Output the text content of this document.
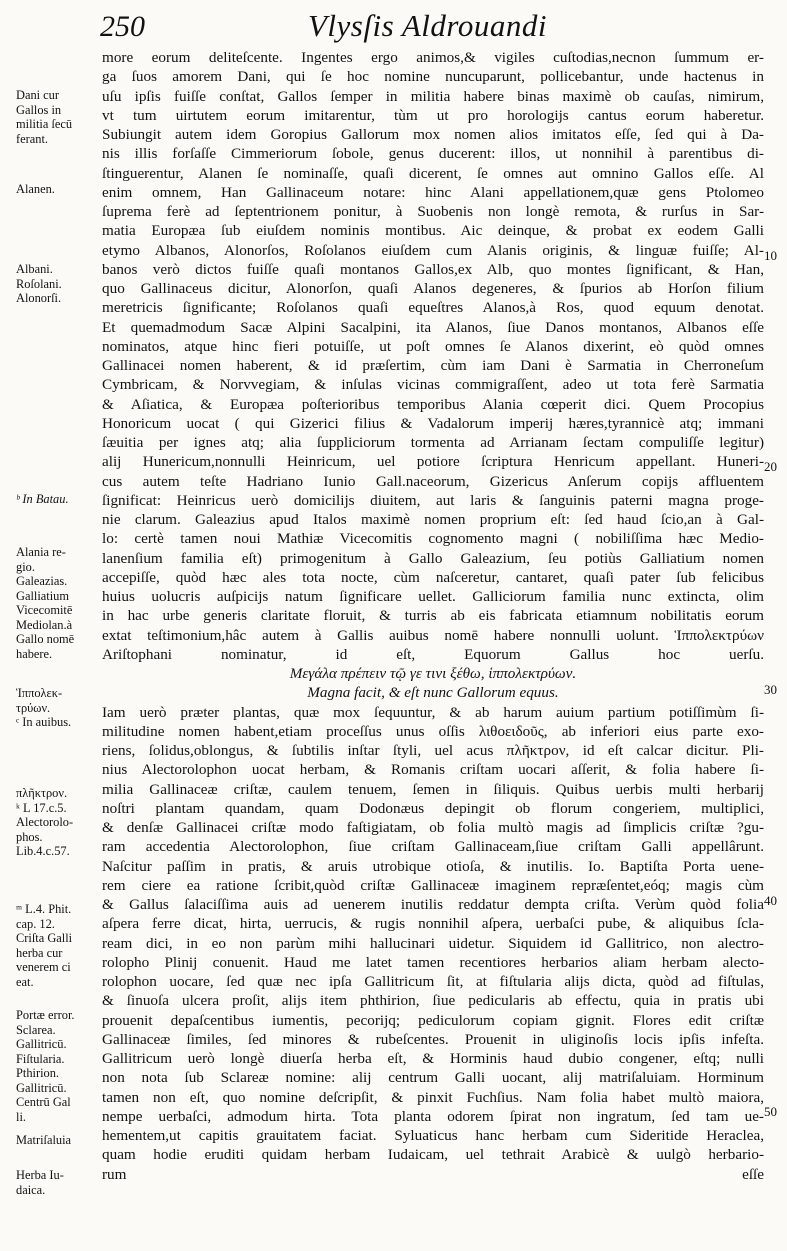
250	Vlysſis Aldrouandi
Dani cur
Gallos in
militia ſecū
ferant.
Alanen.
Albani.
Roſolani.
Alonorſi.
ᵇ In Batau.
Alania re-
gio.
Galeazias.
Galliatium
Vicecomitē
Mediolan.à
Gallo nomē
habere.
Ἱππολεκ-
τρύων.
ᶜ In auibus.
πλῆκτρον.
ᵏ L 17.c.5.
Alectorolo-
phos.
Lib.4.c.57.
ᵐ L.4. Phit.
cap. 12.
Criſta Galli
herba cur
venerem ci
eat.
Portæ error.
Sclarea.
Gallitricū.
Fiſtularia.
Pthirion.
Gallitricū.
Centrū Gal
li.
Matriſaluia
Herba Iu-
daica.
more eorum deliteſcente. Ingentes ergo animos,& vigiles cuſtodias,necnon ſummum er-
ga ſuos amorem Dani, qui ſe hoc nomine nuncuparunt, pollicebantur, unde hactenus in
uſu ipſis fuiſſe conſtat, Gallos ſemper in militia habere binas maximè ob cauſas, nimirum,
vt tum uirtutem eorum imitarentur, tùm ut pro horologijs cantus eorum haberetur.
Subiungit autem idem Goropius Gallorum mox nomen alios imitatos eſſe, ſed qui à Da-
nis illis forſaſſe Cimmeriorum ſobole, genus ducerent: illos, ut nonnihil à parentibus di-
ſtinguerentur, Alanen ſe nominaſſe, quaſi dicerent, ſe omnes aut omnino Gallos eſſe. Al
enim omnem, Han Gallinaceum notare: hinc Alani appellationem,quæ gens Ptolomeo
ſuprema ferè ad ſeptentrionem ponitur, à Suobenis non longè remota, & rurſus in Sar-
matia Europæa ſub eiuſdem nominis montibus. Aic deinque, & probat ex eodem Galli
etymo Albanos, Alonorſos, Roſolanos eiuſdem cum Alanis originis, & linguæ fuiſſe; Al-
banos verò dictos fuiſſe quaſi montanos Gallos,ex Alb, quo montes ſignificant, & Han,
quo Gallinaceus dicitur, Alonorſon, quaſi Alanos degeneres, & ſpurios ab Horſon filium
meretricis ſignificante; Roſolanos quaſi equeſtres Alanos,à Ros, quod equum denotat.
Et quemadmodum Sacæ Alpini Sacalpini, ita Alanos, ſiue Danos montanos, Albanos eſſe
nominatos, atque hinc fieri potuiſſe, ut poſt omnes ſe Alanos dixerint, eò quòd omnes
Gallinacei nomen haberent, & id præſertim, cùm iam Dani è Sarmatia in Cherroneſum
Cymbricam, & Norvvegiam, & inſulas vicinas commigraſſent, adeo ut tota ferè Sarmatia
& Aſiatica, & Europæa poſterioribus temporibus Alania cœperit dici. Quem Procopius
Honoricum uocat ( qui Gizerici filius & Vadalorum imperij hæres,tyrannicè atq; immani
ſæuitia per ignes atq; alia ſuppliciorum tormenta ad Arrianam ſectam compuliſſe legitur)
alij Hunericum,nonnulli Heinricum, uel potiore ſcriptura Henricum appellant. Huneri-
cus autem teſte Hadriano Iunio Gall.naceorum, Gizericus Anſerum copijs affluentem
ſignificat: Heinricus uerò domicilijs diuitem, aut laris & ſanguinis paterni magna proge-
nie clarum. Galeazius apud Italos maximè nomen proprium eſt: ſed haud ſcio,an à Gal-
lo: certè tamen noui Mathiæ Vicecomitis cognomento magni ( nobiliſſima hæc Medio-
lanenſium familia eſt) primogenitum à Gallo Galeazium, ſeu potiùs Galliatium nomen
accepiſſe, quòd hæc ales tota nocte, cùm naſceretur, cantaret, quaſi pater ſub felicibus
huius uolucris auſpicijs natum ſignificare uellet. Galliciorum familia nunc extincta, olim
in hac urbe generis claritate floruit, & turris ab eis fabricata etiamnum nobilitatis eorum
extat teſtimonium,hâc autem à Gallis auibus nomē habere nonnulli uolunt. Ἱππολεκτρύων
Ariſtophani nominatur, id eſt, Equorum Gallus hoc uerſu.
Μεγάλα πρέπειν τῷ γε τινι ξέθω, ἱππολεκτρύων.
Magna facit, & eſt nunc Gallorum equus.
Iam uerò præter plantas, quæ mox ſequuntur, & ab harum auium partium potiſſimùm ſi-
militudine nomen habent,etiam proceſſus unus oſſis λιθοειδοῦς, ab inferiori eius parte exo-
riens, ſolidus,oblongus, & ſubtilis inſtar ſtyli, uel acus πλῆκτρον, id eſt calcar dicitur. Pli-
nius Alectorolophon uocat herbam, & Romanis criſtam uocari aſſerit, & folia habere ſi-
milia Gallinaceæ criſtæ, caulem tenuem, ſemen in ſiliquis. Quibus uerbis multi herbarij
noſtri plantam quandam, quam Dodonæus depingit ob florum congeriem, multiplici,
& denſæ Gallinacei criſtæ modo faſtigiatam, ob folia multò magis ad ſimplicis criſtæ ?gu-
ram accedentia Alectorolophon, ſiue criſtam Gallinaceam,ſiue criſtam Galli appellârunt.
Naſcitur paſſim in pratis, & aruis utrobique otioſa, & inutilis. Io. Baptiſta Porta uene-
rem ciere ea ratione ſcribit,quòd criſtæ Gallinaceæ imaginem repræſentet,eóq; magis cùm
& Gallus ſalaciſſima auis ad uenerem inutilis reddatur dempta criſta. Verùm quòd folia
aſpera ferre dicat, hirta, uerrucis, & rugis nonnihil aſpera, uerbaſci pube, & aliquibus ſcla-
ream dici, in eo non parùm mihi hallucinari uidetur. Siquidem id Gallitrico, non alectro-
rolopho Plinij conuenit. Haud me latet tamen recentiores herbarios aliam herbam alecto-
rolophon uocare, ſed quæ nec ipſa Gallitricum ſit, at fiſtularia alijs dicta, quòd ad fiſtulas,
& ſinuoſa ulcera proſit, alijs item phthirion, ſiue pedicularis ab effectu, quia in pratis ubi
prouenit depaſcentibus iumentis, pecorijq; pediculorum copiam gignit. Flores edit criſtæ
Gallinaceæ ſimiles, ſed minores & rubeſcentes. Prouenit in uliginoſis locis ipſis infeſta.
Gallitricum uerò longè diuerſa herba eſt, & Horminis haud dubio congener, eſtq; nulli
non nota ſub Sclareæ nomine: alij centrum Galli uocant, alij matriſaluiam. Horminum
tamen non eſt, quo nomine deſcripſit, & pinxit Fuchſius. Nam folia habet multò maiora,
nempe uerbaſci, admodum hirta. Tota planta odorem ſpirat non ingratum, ſed tam ue-
hementem,ut capitis grauitatem faciat. Syluaticus hanc herbam cum Sideritide Heraclea,
quam hodie eruditi quidam herbam Iudaicam, uel tethrait Arabicè & uulgò herbario-
rum eſſe
10
20
30
40
50
